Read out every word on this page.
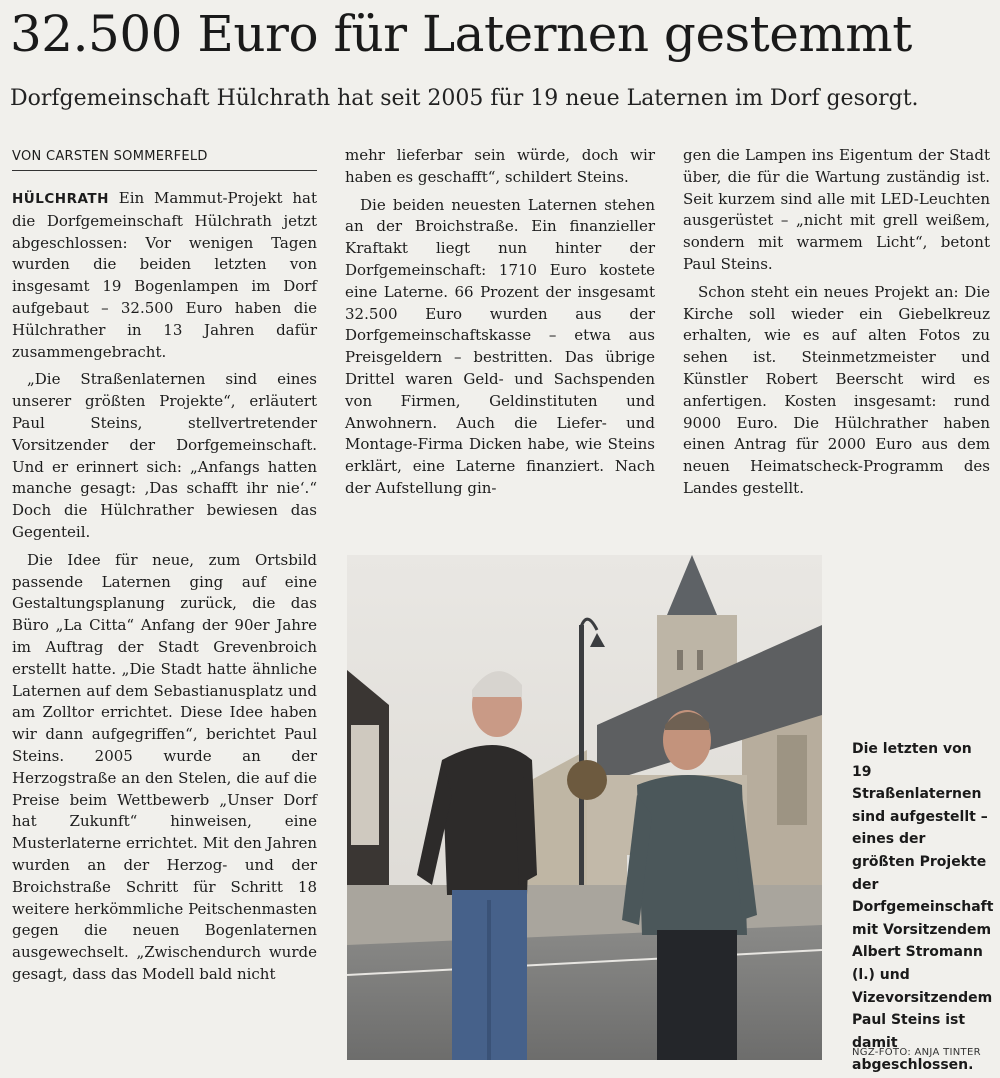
32.500 Euro für Laternen gestemmt
Dorfgemeinschaft Hülchrath hat seit 2005 für 19 neue Laternen im Dorf gesorgt.
VON CARSTEN SOMMERFELD

HÜLCHRATH Ein Mammut-Projekt hat die Dorfgemeinschaft Hülchrath jetzt abgeschlossen: Vor wenigen Tagen wurden die beiden letzten von insgesamt 19 Bogenlampen im Dorf aufgebaut – 32.500 Euro haben die Hülchrather in 13 Jahren dafür zusammengebracht.

„Die Straßenlaternen sind eines unserer größten Projekte“, erläutert Paul Steins, stellvertretender Vorsitzender der Dorfgemeinschaft. Und er erinnert sich: „Anfangs hatten manche gesagt: ‚Das schafft ihr nie‘.“ Doch die Hülchrather bewiesen das Gegenteil.

Die Idee für neue, zum Ortsbild passende Laternen ging auf eine Gestaltungsplanung zurück, die das Büro „La Citta“ Anfang der 90er Jahre im Auftrag der Stadt Grevenbroich erstellt hatte. „Die Stadt hatte ähnliche Laternen auf dem Sebastianusplatz und am Zolltor errichtet. Diese Idee haben wir dann aufgegriffen“, berichtet Paul Steins. 2005 wurde an der Herzogstraße an den Stelen, die auf die Preise beim Wettbewerb „Unser Dorf hat Zukunft“ hinweisen, eine Musterlaterne errichtet. Mit den Jahren wurden an der Herzog- und der Broichstraße Schritt für Schritt 18 weitere herkömmliche Peitschenmasten gegen die neuen Bogenlaternen ausgewechselt. „Zwischendurch wurde gesagt, dass das Modell bald nicht

mehr lieferbar sein würde, doch wir haben es geschafft“, schildert Steins.

Die beiden neuesten Laternen stehen an der Broichstraße. Ein finanzieller Kraftakt liegt nun hinter der Dorfgemeinschaft: 1710 Euro kostete eine Laterne. 66 Prozent der insgesamt 32.500 Euro wurden aus der Dorfgemeinschaftskasse – etwa aus Preisgeldern – bestritten. Das übrige Drittel waren Geld- und Sachspenden von Firmen, Geldinstituten und Anwohnern. Auch die Liefer- und Montage-Firma Dicken habe, wie Steins erklärt, eine Laterne finanziert. Nach der Aufstellung gin-

gen die Lampen ins Eigentum der Stadt über, die für die Wartung zuständig ist. Seit kurzem sind alle mit LED-Leuchten ausgerüstet – „nicht mit grell weißem, sondern mit warmem Licht“, betont Paul Steins.

Schon steht ein neues Projekt an: Die Kirche soll wieder ein Giebelkreuz erhalten, wie es auf alten Fotos zu sehen ist. Steinmetzmeister und Künstler Robert Beerscht wird es anfertigen. Kosten insgesamt: rund 9000 Euro. Die Hülchrather haben einen Antrag für 2000 Euro aus dem neuen Heimatscheck-Programm des Landes gestellt.

Die letzten von 19 Straßenlaternen sind aufgestellt – eines der größten Projekte der Dorfgemeinschaft mit Vorsitzendem Albert Stromann (l.) und Vizevorsitzendem Paul Steins ist damit abgeschlossen.
NGZ-FOTO: ANJA TINTER
